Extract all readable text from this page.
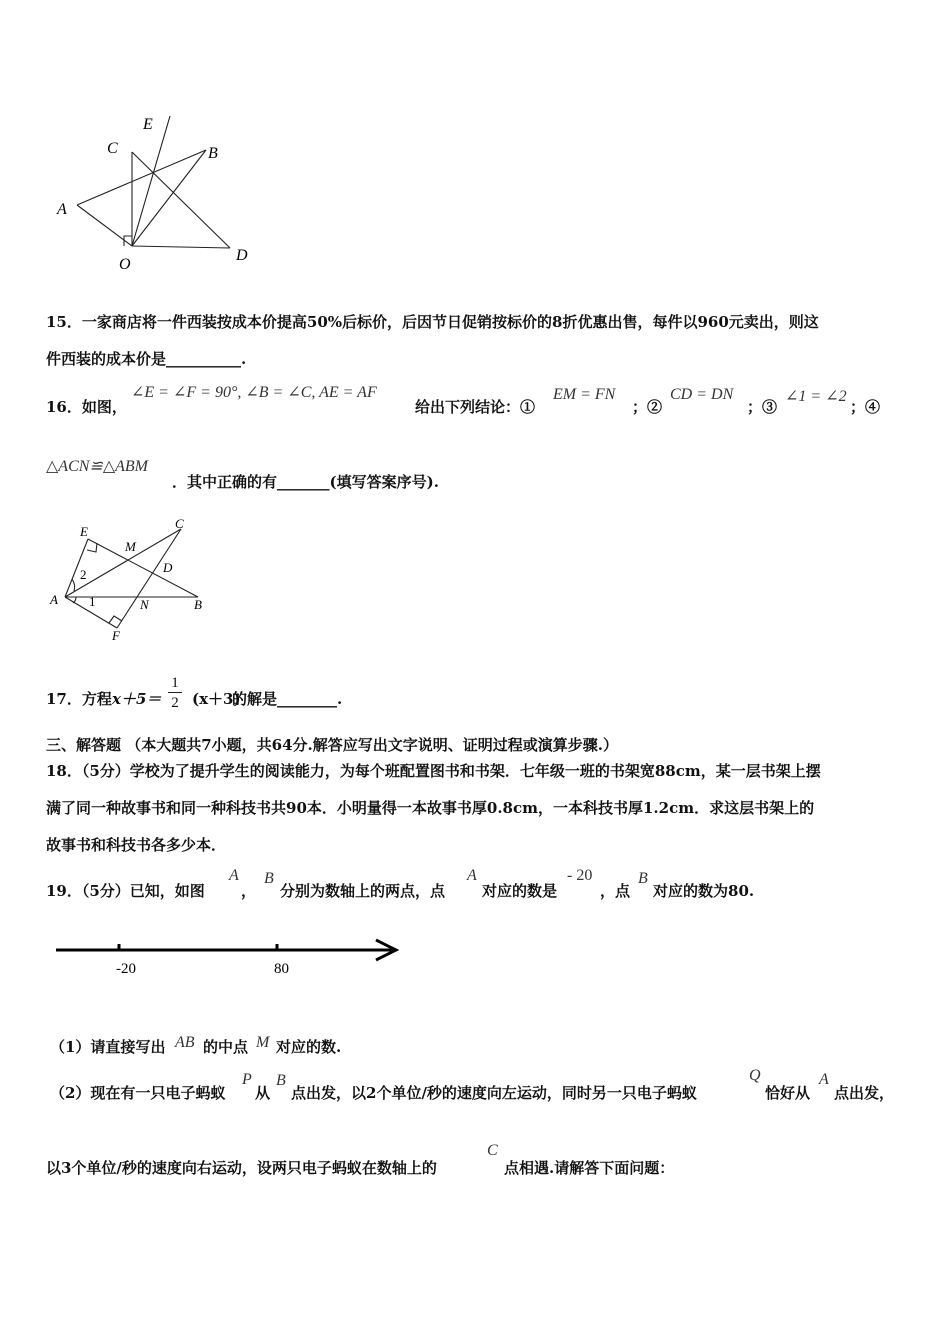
E
C	B
A
O
D
15．一家商店将一件西装按成本价提高50%后标价，后因节日促销按标价的8折优惠出售，每件以960元卖出，则这
件西装的成本价是__________.
16．如图，
∠E = ∠F = 90°, ∠B = ∠C, AE = AF
给出下列结论：①
EM = FN
；②
CD = DN
；③
∠1 = ∠2
；④
△ACN≌△ABM
．其中正确的有_______(填写答案序号).
E
C
M
D
A	B
N
F
2
1
17．方程 x＋5＝
1
2 (x＋3)
的解是________.
三、解答题 （本大题共7小题，共64分.解答应写出文字说明、证明过程或演算步骤.）
18．（5分）学校为了提升学生的阅读能力，为每个班配置图书和书架．七年级一班的书架宽88cm，某一层书架上摆
满了同一种故事书和同一种科技书共90本．小明量得一本故事书厚0.8cm，一本科技书厚1.2cm．求这层书架上的
故事书和科技书各多少本．
19．（5分）已知，如图
A
，
B
分别为数轴上的两点，点
A
对应的数是
- 20
，点
B
对应的数为80.
-20	80
（1）请直接写出 AB 的中点 M 对应的数.
（2）现在有一只电子蚂蚁
P
从
B
点出发，以2个单位/秒的速度向左运动，同时另一只电子蚂蚁
Q
恰好从
A
点出发，
以3个单位/秒的速度向右运动，设两只电子蚂蚁在数轴上的
C
点相遇.请解答下面问题：
